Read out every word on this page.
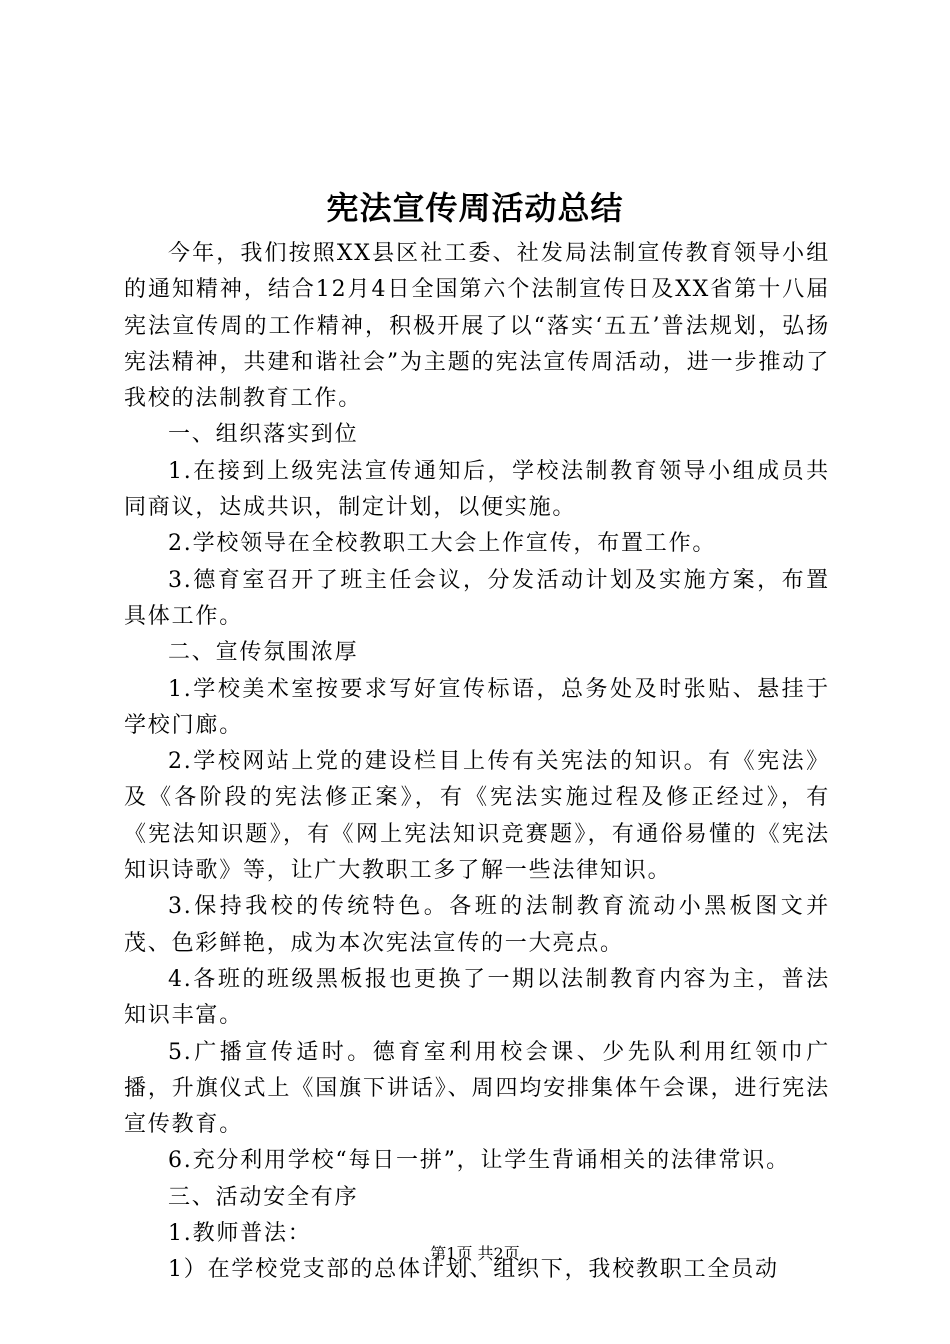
宪法宣传周活动总结

今年，我们按照XX县区社工委、社发局法制宣传教育领导小组的通知精神，结合12月4日全国第六个法制宣传日及XX省第十八届宪法宣传周的工作精神，积极开展了以“落实‘五五’普法规划，弘扬宪法精神，共建和谐社会”为主题的宪法宣传周活动，进一步推动了我校的法制教育工作。

一、组织落实到位

1.在接到上级宪法宣传通知后，学校法制教育领导小组成员共同商议，达成共识，制定计划，以便实施。

2.学校领导在全校教职工大会上作宣传，布置工作。

3.德育室召开了班主任会议，分发活动计划及实施方案，布置具体工作。

二、宣传氛围浓厚

1.学校美术室按要求写好宣传标语，总务处及时张贴、悬挂于学校门廊。

2.学校网站上党的建设栏目上传有关宪法的知识。有《宪法》及《各阶段的宪法修正案》，有《宪法实施过程及修正经过》，有《宪法知识题》，有《网上宪法知识竞赛题》，有通俗易懂的《宪法知识诗歌》等，让广大教职工多了解一些法律知识。

3.保持我校的传统特色。各班的法制教育流动小黑板图文并茂、色彩鲜艳，成为本次宪法宣传的一大亮点。

4.各班的班级黑板报也更换了一期以法制教育内容为主，普法知识丰富。

5.广播宣传适时。德育室利用校会课、少先队利用红领巾广播，升旗仪式上《国旗下讲话》、周四均安排集体午会课，进行宪法宣传教育。

6.充分利用学校“每日一拼”，让学生背诵相关的法律常识。

三、活动安全有序

1.教师普法：

1）在学校党支部的总体计划、组织下，我校教职工全员动

第1页 共2页
